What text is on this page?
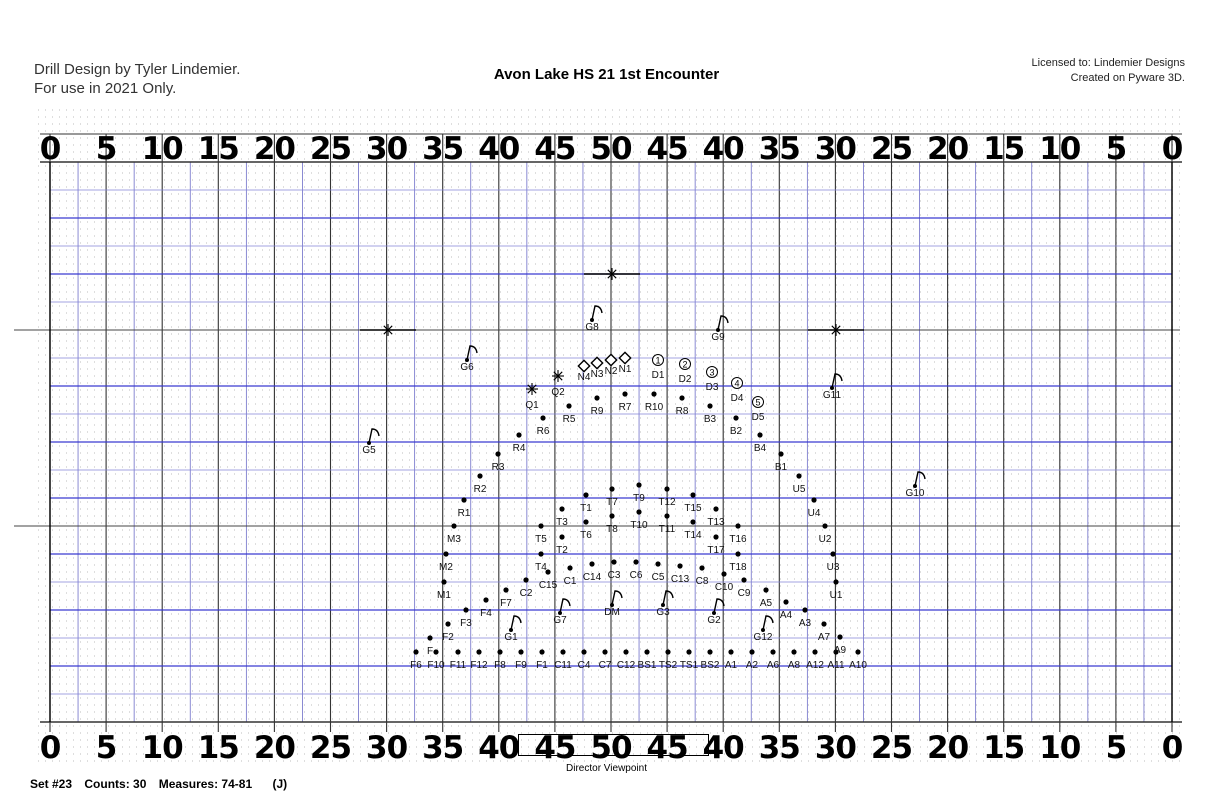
Drill Design by Tyler Lindemier.
For use in 2021 Only.
Avon Lake HS 21 1st Encounter
Licensed to: Lindemier Designs
Created on Pyware 3D.
F6 F10 F11 F12 F8 F9 F1 C11 C4 C7 C12 BS1 TS2 TS1 BS2 A1 A2 A6 A8 A12 A11 A10
F
F2
F3
F4
F7
C2
C15 C1 C14 C3 C6 C5 C13 C8
C10
C9
A5
A4
A3
A7
A9
M1
M2
M3
R1
R2
R3
R4
R6
R5
R9 R7 R10 R8
B3
B2
B4
B1
U5
U4
U2
U3
U1
T1
T7 T9 T12
T15
T3
T8 T10 T11
T13
T5	T6	T14	T16
T2	T17
T4	T18
G8
G9
G6
G11
G5
G10
DM	G3
G7
G1
G2
G12
N4 N3 N2 N1
1
D1
2
D2
3
D3 4
D4 5
D5
Q1
Q2
0 5 10 15 20 25 30 35 40 45 50 45 40 35 30 25 20 15 10 5 0
0 5 10 15 20 25 30 35 40 45 50 45 40 35 30 25 20 15 10 5 0
Director Viewpoint
Set #23 Counts: 30 Measures: 74-81 (J)
